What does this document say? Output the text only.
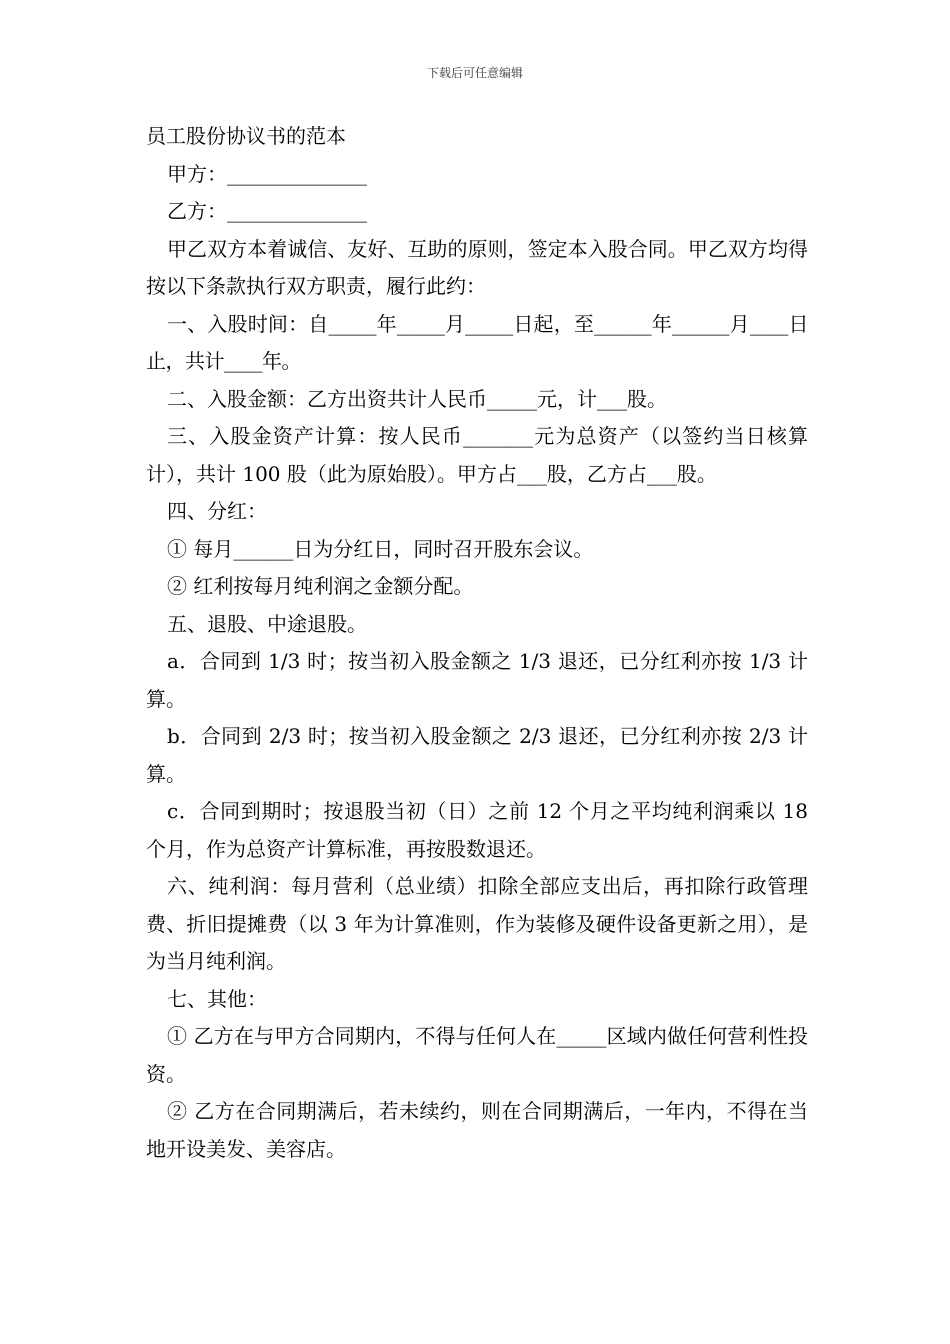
下载后可任意编辑

员工股份协议书的范本

甲方：______________

乙方：______________

甲乙双方本着诚信、友好、互助的原则，签定本入股合同。甲乙双方均得按以下条款执行双方职责，履行此约：

一、入股时间：自_____年_____月_____日起，至______年______月____日止，共计____年。

二、入股金额：乙方出资共计人民币_____元，计___股。

三、入股金资产计算：按人民币_______元为总资产（以签约当日核算计），共计 100 股（此为原始股）。甲方占___股，乙方占___股。

四、分红：

① 每月______日为分红日，同时召开股东会议。

② 红利按每月纯利润之金额分配。

五、退股、中途退股。

a．合同到 1/3 时；按当初入股金额之 1/3 退还，已分红利亦按 1/3 计算。

b．合同到 2/3 时；按当初入股金额之 2/3 退还，已分红利亦按 2/3 计算。

c．合同到期时；按退股当初（日）之前 12 个月之平均纯利润乘以 18 个月，作为总资产计算标准，再按股数退还。

六、纯利润：每月营利（总业绩）扣除全部应支出后，再扣除行政管理费、折旧提摊费（以 3 年为计算准则，作为装修及硬件设备更新之用），是为当月纯利润。

七、其他：

① 乙方在与甲方合同期内，不得与任何人在_____区域内做任何营利性投资。

② 乙方在合同期满后，若未续约，则在合同期满后，一年内，不得在当地开设美发、美容店。
